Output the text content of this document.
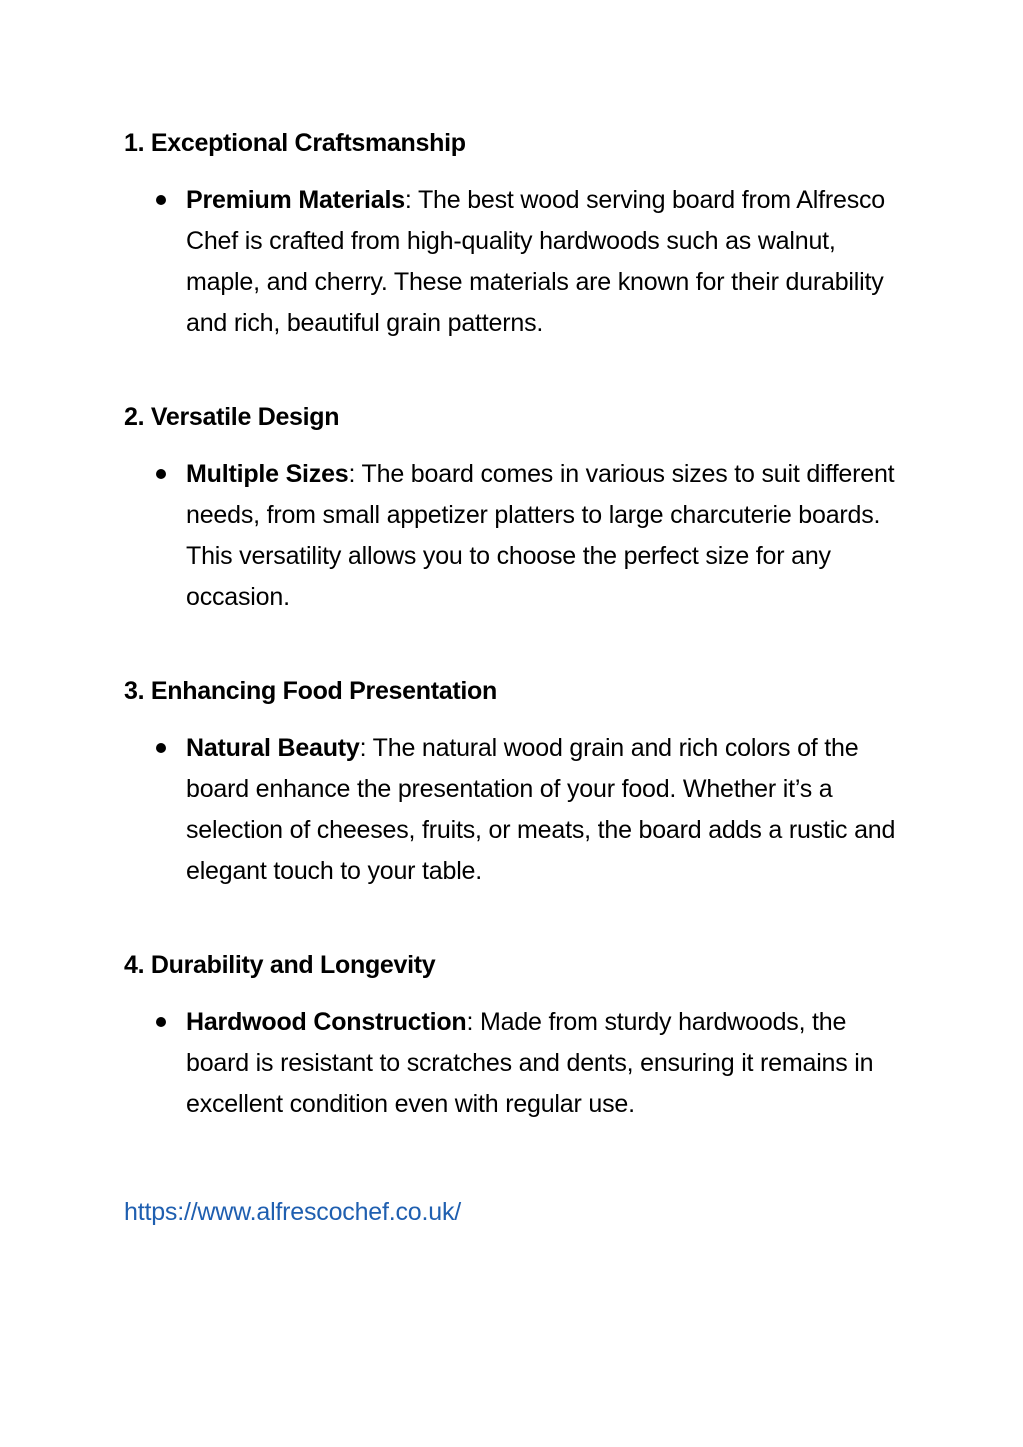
1. Exceptional Craftsmanship
Premium Materials: The best wood serving board from Alfresco Chef is crafted from high-quality hardwoods such as walnut, maple, and cherry. These materials are known for their durability and rich, beautiful grain patterns.
2. Versatile Design
Multiple Sizes: The board comes in various sizes to suit different needs, from small appetizer platters to large charcuterie boards. This versatility allows you to choose the perfect size for any occasion.
3. Enhancing Food Presentation
Natural Beauty: The natural wood grain and rich colors of the board enhance the presentation of your food. Whether it’s a selection of cheeses, fruits, or meats, the board adds a rustic and elegant touch to your table.
4. Durability and Longevity
Hardwood Construction: Made from sturdy hardwoods, the board is resistant to scratches and dents, ensuring it remains in excellent condition even with regular use.
https://www.alfrescochef.co.uk/
